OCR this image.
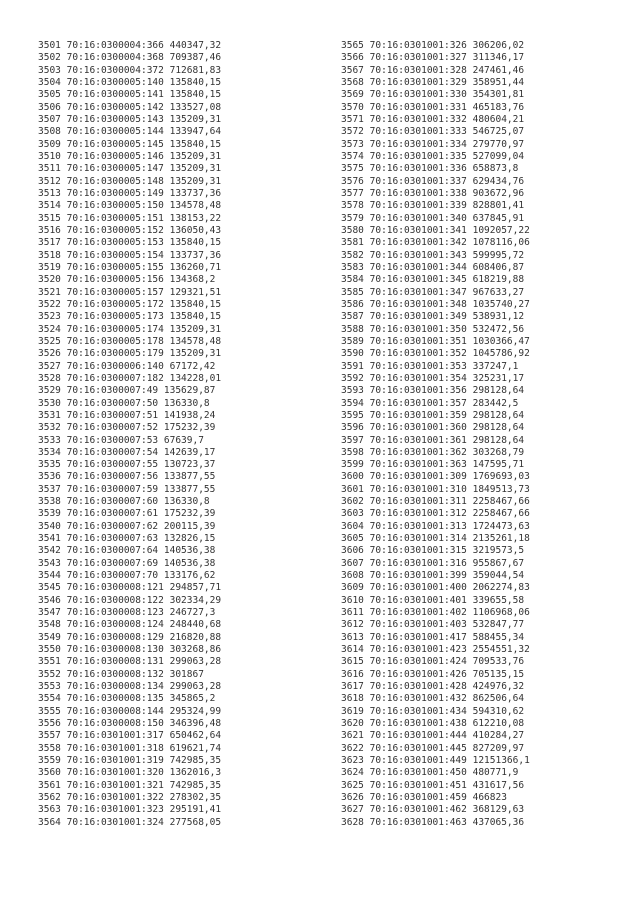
3501 70:16:0300004:366 440347,32
3502 70:16:0300004:368 709387,46
3503 70:16:0300004:372 712681,83
3504 70:16:0300005:140 135840,15
3505 70:16:0300005:141 135840,15
3506 70:16:0300005:142 133527,08
3507 70:16:0300005:143 135209,31
3508 70:16:0300005:144 133947,64
3509 70:16:0300005:145 135840,15
3510 70:16:0300005:146 135209,31
3511 70:16:0300005:147 135209,31
3512 70:16:0300005:148 135209,31
3513 70:16:0300005:149 133737,36
3514 70:16:0300005:150 134578,48
3515 70:16:0300005:151 138153,22
3516 70:16:0300005:152 136050,43
3517 70:16:0300005:153 135840,15
3518 70:16:0300005:154 133737,36
3519 70:16:0300005:155 136260,71
3520 70:16:0300005:156 134368,2
3521 70:16:0300005:157 129321,51
3522 70:16:0300005:172 135840,15
3523 70:16:0300005:173 135840,15
3524 70:16:0300005:174 135209,31
3525 70:16:0300005:178 134578,48
3526 70:16:0300005:179 135209,31
3527 70:16:0300006:140 67172,42
3528 70:16:0300007:182 134228,01
3529 70:16:0300007:49 135629,87
3530 70:16:0300007:50 136330,8
3531 70:16:0300007:51 141938,24
3532 70:16:0300007:52 175232,39
3533 70:16:0300007:53 67639,7
3534 70:16:0300007:54 142639,17
3535 70:16:0300007:55 130723,37
3536 70:16:0300007:56 133877,55
3537 70:16:0300007:59 133877,55
3538 70:16:0300007:60 136330,8
3539 70:16:0300007:61 175232,39
3540 70:16:0300007:62 200115,39
3541 70:16:0300007:63 132826,15
3542 70:16:0300007:64 140536,38
3543 70:16:0300007:69 140536,38
3544 70:16:0300007:70 133176,62
3545 70:16:0300008:121 294857,71
3546 70:16:0300008:122 302334,29
3547 70:16:0300008:123 246727,3
3548 70:16:0300008:124 248440,68
3549 70:16:0300008:129 216820,88
3550 70:16:0300008:130 303268,86
3551 70:16:0300008:131 299063,28
3552 70:16:0300008:132 301867
3553 70:16:0300008:134 299063,28
3554 70:16:0300008:135 345865,2
3555 70:16:0300008:144 295324,99
3556 70:16:0300008:150 346396,48
3557 70:16:0301001:317 650462,64
3558 70:16:0301001:318 619621,74
3559 70:16:0301001:319 742985,35
3560 70:16:0301001:320 1362016,3
3561 70:16:0301001:321 742985,35
3562 70:16:0301001:322 278302,35
3563 70:16:0301001:323 295191,41
3564 70:16:0301001:324 277568,05
3565 70:16:0301001:326 306206,02
3566 70:16:0301001:327 311346,17
3567 70:16:0301001:328 247461,46
3568 70:16:0301001:329 358951,44
3569 70:16:0301001:330 354301,81
3570 70:16:0301001:331 465183,76
3571 70:16:0301001:332 480604,21
3572 70:16:0301001:333 546725,07
3573 70:16:0301001:334 279770,97
3574 70:16:0301001:335 527099,04
3575 70:16:0301001:336 658873,8
3576 70:16:0301001:337 629434,76
3577 70:16:0301001:338 903672,96
3578 70:16:0301001:339 828801,41
3579 70:16:0301001:340 637845,91
3580 70:16:0301001:341 1092057,22
3581 70:16:0301001:342 1078116,06
3582 70:16:0301001:343 599995,72
3583 70:16:0301001:344 608406,87
3584 70:16:0301001:345 618219,88
3585 70:16:0301001:347 967633,27
3586 70:16:0301001:348 1035740,27
3587 70:16:0301001:349 538931,12
3588 70:16:0301001:350 532472,56
3589 70:16:0301001:351 1030366,47
3590 70:16:0301001:352 1045786,92
3591 70:16:0301001:353 337247,1
3592 70:16:0301001:354 325231,17
3593 70:16:0301001:356 298128,64
3594 70:16:0301001:357 283442,5
3595 70:16:0301001:359 298128,64
3596 70:16:0301001:360 298128,64
3597 70:16:0301001:361 298128,64
3598 70:16:0301001:362 303268,79
3599 70:16:0301001:363 147595,71
3600 70:16:0301001:309 1769693,03
3601 70:16:0301001:310 1849513,73
3602 70:16:0301001:311 2258467,66
3603 70:16:0301001:312 2258467,66
3604 70:16:0301001:313 1724473,63
3605 70:16:0301001:314 2135261,18
3606 70:16:0301001:315 3219573,5
3607 70:16:0301001:316 955867,67
3608 70:16:0301001:399 359044,54
3609 70:16:0301001:400 2062274,83
3610 70:16:0301001:401 339655,58
3611 70:16:0301001:402 1106968,06
3612 70:16:0301001:403 532847,77
3613 70:16:0301001:417 588455,34
3614 70:16:0301001:423 2554551,32
3615 70:16:0301001:424 709533,76
3616 70:16:0301001:426 705135,15
3617 70:16:0301001:428 424976,32
3618 70:16:0301001:432 862506,64
3619 70:16:0301001:434 594310,62
3620 70:16:0301001:438 612210,08
3621 70:16:0301001:444 410284,27
3622 70:16:0301001:445 827209,97
3623 70:16:0301001:449 12151366,1
3624 70:16:0301001:450 480771,9
3625 70:16:0301001:451 431617,56
3626 70:16:0301001:459 466823
3627 70:16:0301001:462 368129,63
3628 70:16:0301001:463 437065,36
